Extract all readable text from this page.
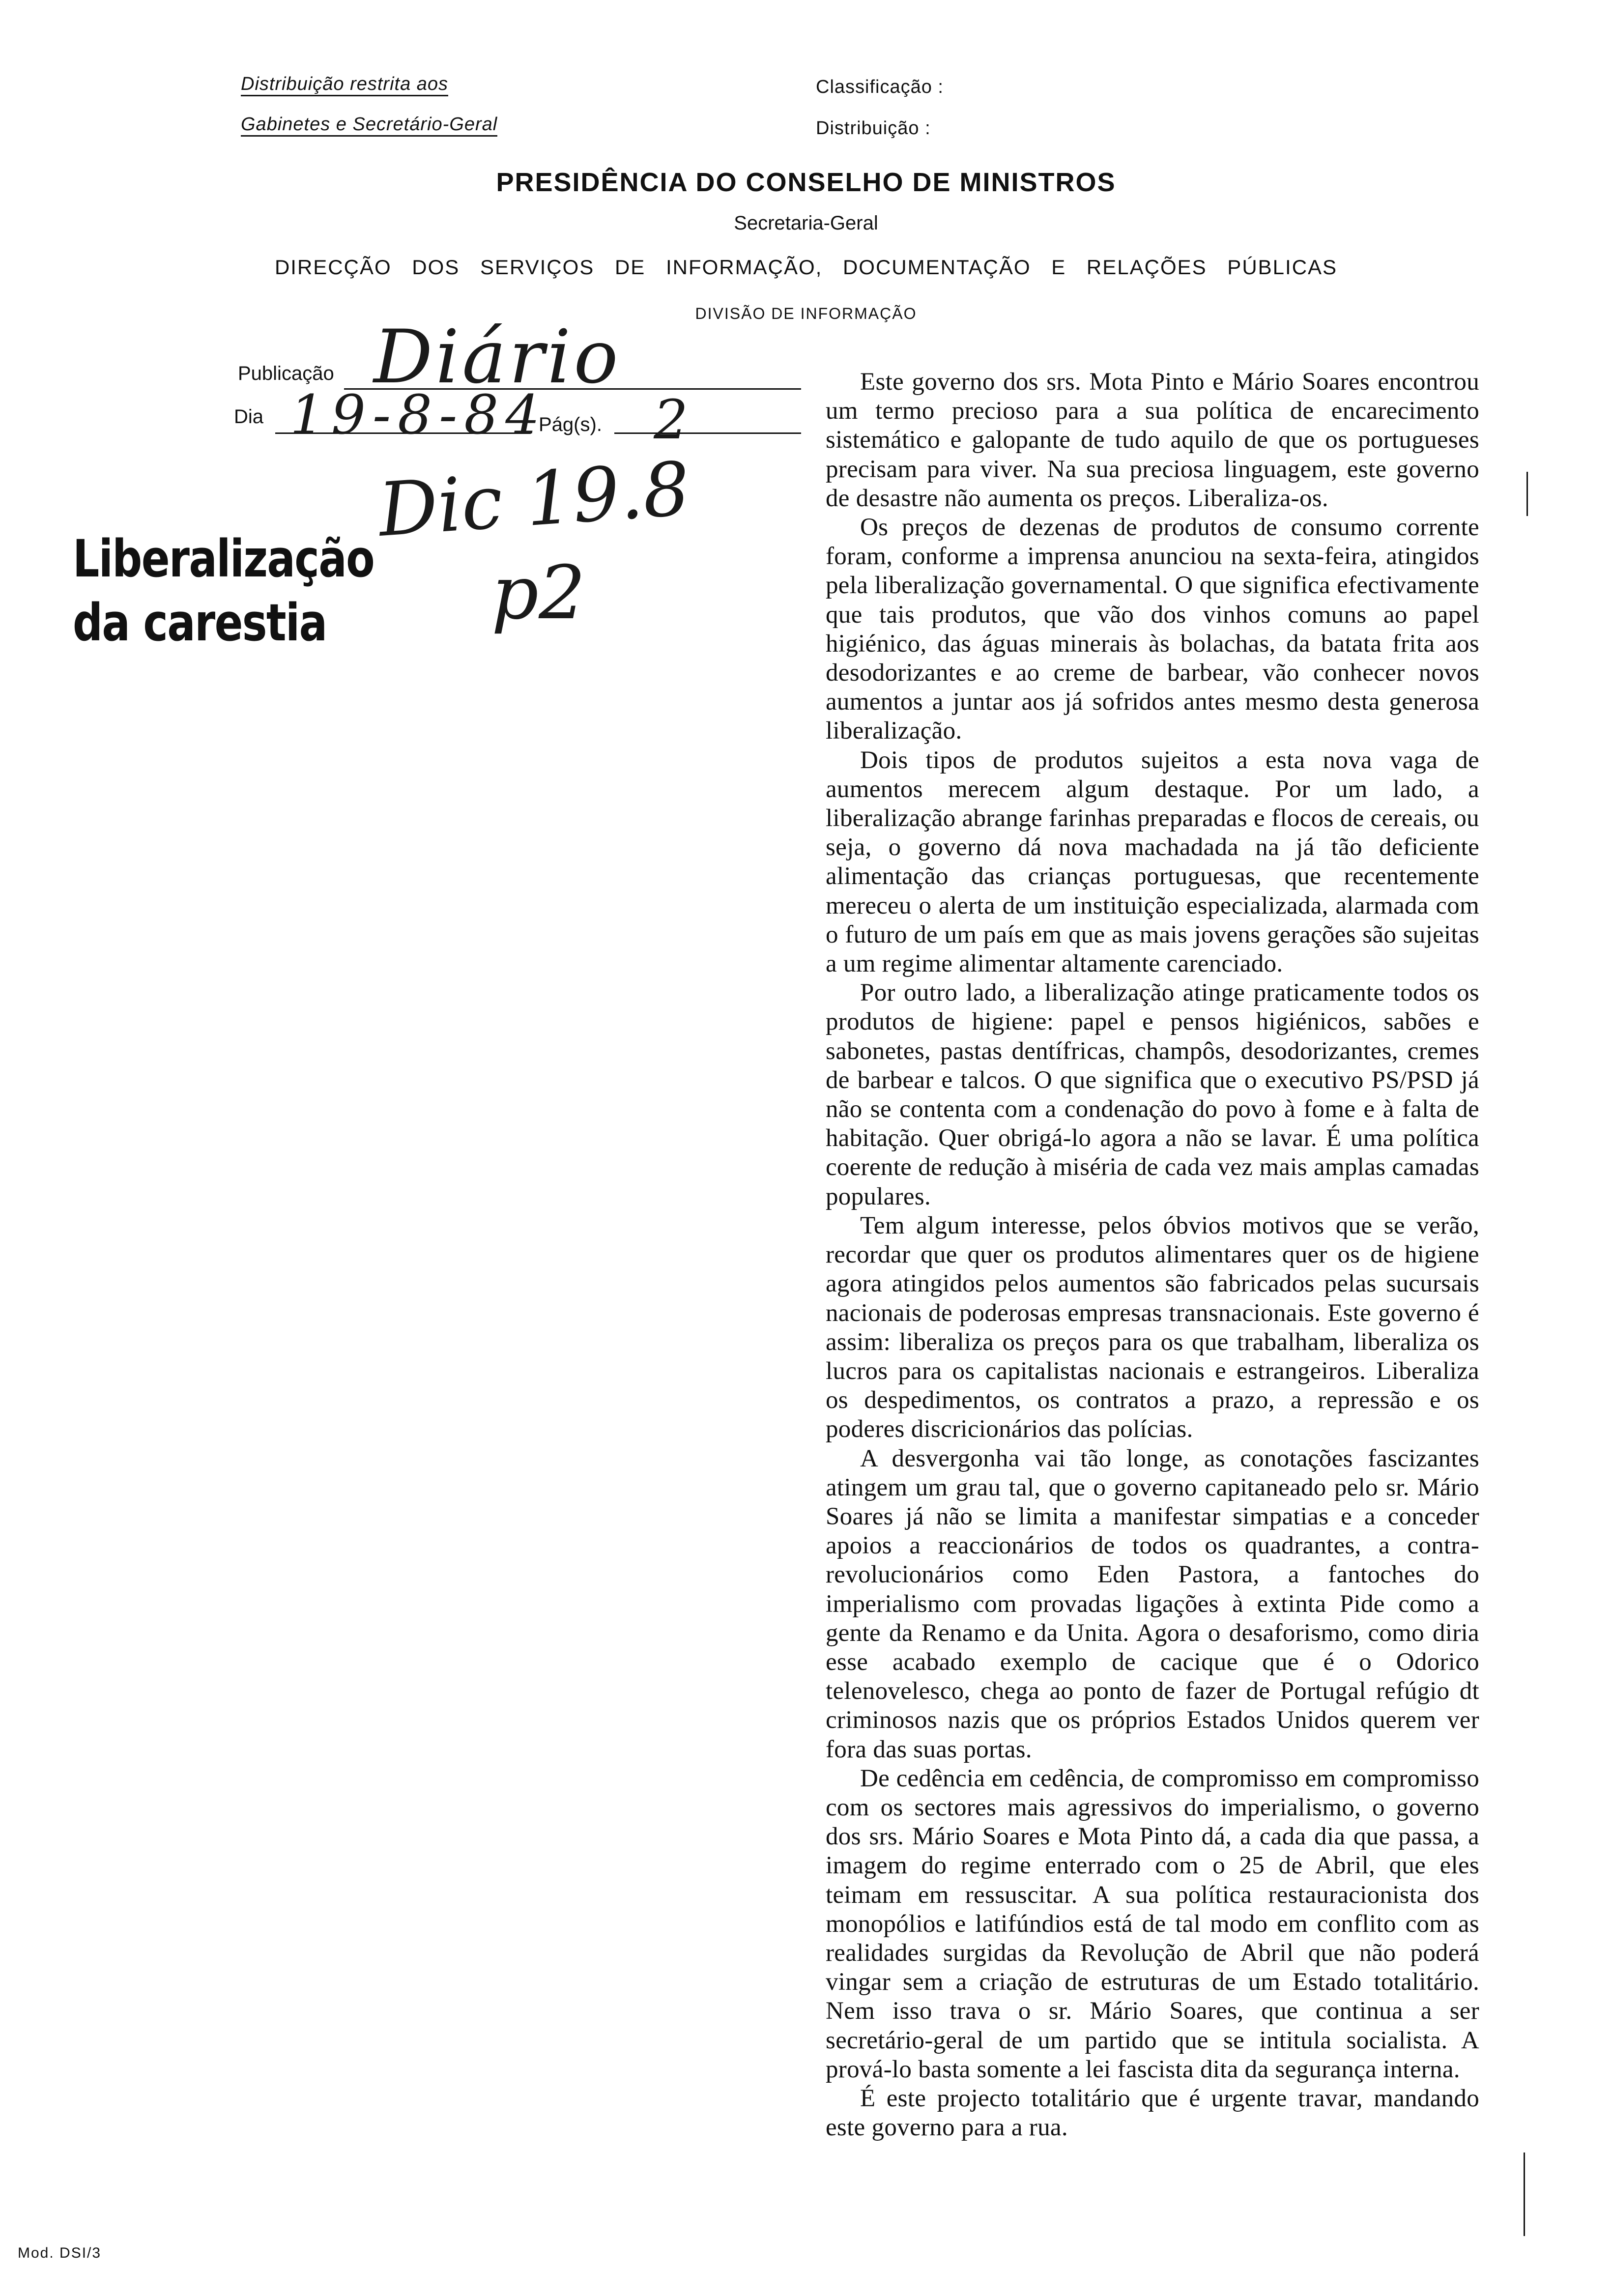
Distribuição restrita aos
Gabinetes e Secretário-Geral
Classificação :
Distribuição :
PRESIDÊNCIA DO CONSELHO DE MINISTROS
Secretaria-Geral
DIRECÇÃO DOS SERVIÇOS DE INFORMAÇÃO, DOCUMENTAÇÃO E RELAÇÕES PÚBLICAS
DIVISÃO DE INFORMAÇÃO
Publicação Diário
Dia 19-8-84
Pág(s). 2
Dic 19.8
p2
Liberalização da carestia

Este governo dos srs. Mota Pinto e Mário Soares encontrou um termo precioso para a sua política de encarecimento sistemático e galopante de tudo aquilo de que os portugueses precisam para viver. Na sua preciosa linguagem, este governo de desastre não aumenta os preços. Liberaliza-os.

Os preços de dezenas de produtos de consumo corrente foram, conforme a imprensa anunciou na sexta-feira, atingidos pela liberalização governamental. O que significa efectivamente que tais produtos, que vão dos vinhos comuns ao papel higiénico, das águas minerais às bolachas, da batata frita aos desodorizantes e ao creme de barbear, vão conhecer novos aumentos a juntar aos já sofridos antes mesmo desta generosa liberalização.

Dois tipos de produtos sujeitos a esta nova vaga de aumentos merecem algum destaque. Por um lado, a liberalização abrange farinhas preparadas e flocos de cereais, ou seja, o governo dá nova machadada na já tão deficiente alimentação das crianças portuguesas, que recentemente mereceu o alerta de um instituição especializada, alarmada com o futuro de um país em que as mais jovens gerações são sujeitas a um regime alimentar altamente carenciado.

Por outro lado, a liberalização atinge praticamente todos os produtos de higiene: papel e pensos higiénicos, sabões e sabonetes, pastas dentífricas, champôs, desodorizantes, cremes de barbear e talcos. O que significa que o executivo PS/PSD já não se contenta com a condenação do povo à fome e à falta de habitação. Quer obrigá-lo agora a não se lavar. É uma política coerente de redução à miséria de cada vez mais amplas camadas populares.

Tem algum interesse, pelos óbvios motivos que se verão, recordar que quer os produtos alimentares quer os de higiene agora atingidos pelos aumentos são fabricados pelas sucursais nacionais de poderosas empresas transnacionais. Este governo é assim: liberaliza os preços para os que trabalham, liberaliza os lucros para os capitalistas nacionais e estrangeiros. Liberaliza os despedimentos, os contratos a prazo, a repressão e os poderes discricionários das polícias.

A desvergonha vai tão longe, as conotações fascizantes atingem um grau tal, que o governo capitaneado pelo sr. Mário Soares já não se limita a manifestar simpatias e a conceder apoios a reaccionários de todos os quadrantes, a contra-revolucionários como Eden Pastora, a fantoches do imperialismo com provadas ligações à extinta Pide como a gente da Renamo e da Unita. Agora o desaforismo, como diria esse acabado exemplo de cacique que é o Odorico telenovelesco, chega ao ponto de fazer de Portugal refúgio dt criminosos nazis que os próprios Estados Unidos querem ver fora das suas portas.

De cedência em cedência, de compromisso em compromisso com os sectores mais agressivos do imperialismo, o governo dos srs. Mário Soares e Mota Pinto dá, a cada dia que passa, a imagem do regime enterrado com o 25 de Abril, que eles teimam em ressuscitar. A sua política restauracionista dos monopólios e latifúndios está de tal modo em conflito com as realidades surgidas da Revolução de Abril que não poderá vingar sem a criação de estruturas de um Estado totalitário. Nem isso trava o sr. Mário Soares, que continua a ser secretário-geral de um partido que se intitula socialista. A prová-lo basta somente a lei fascista dita da segurança interna.

É este projecto totalitário que é urgente travar, mandando este governo para a rua.

Mod. DSI/3
